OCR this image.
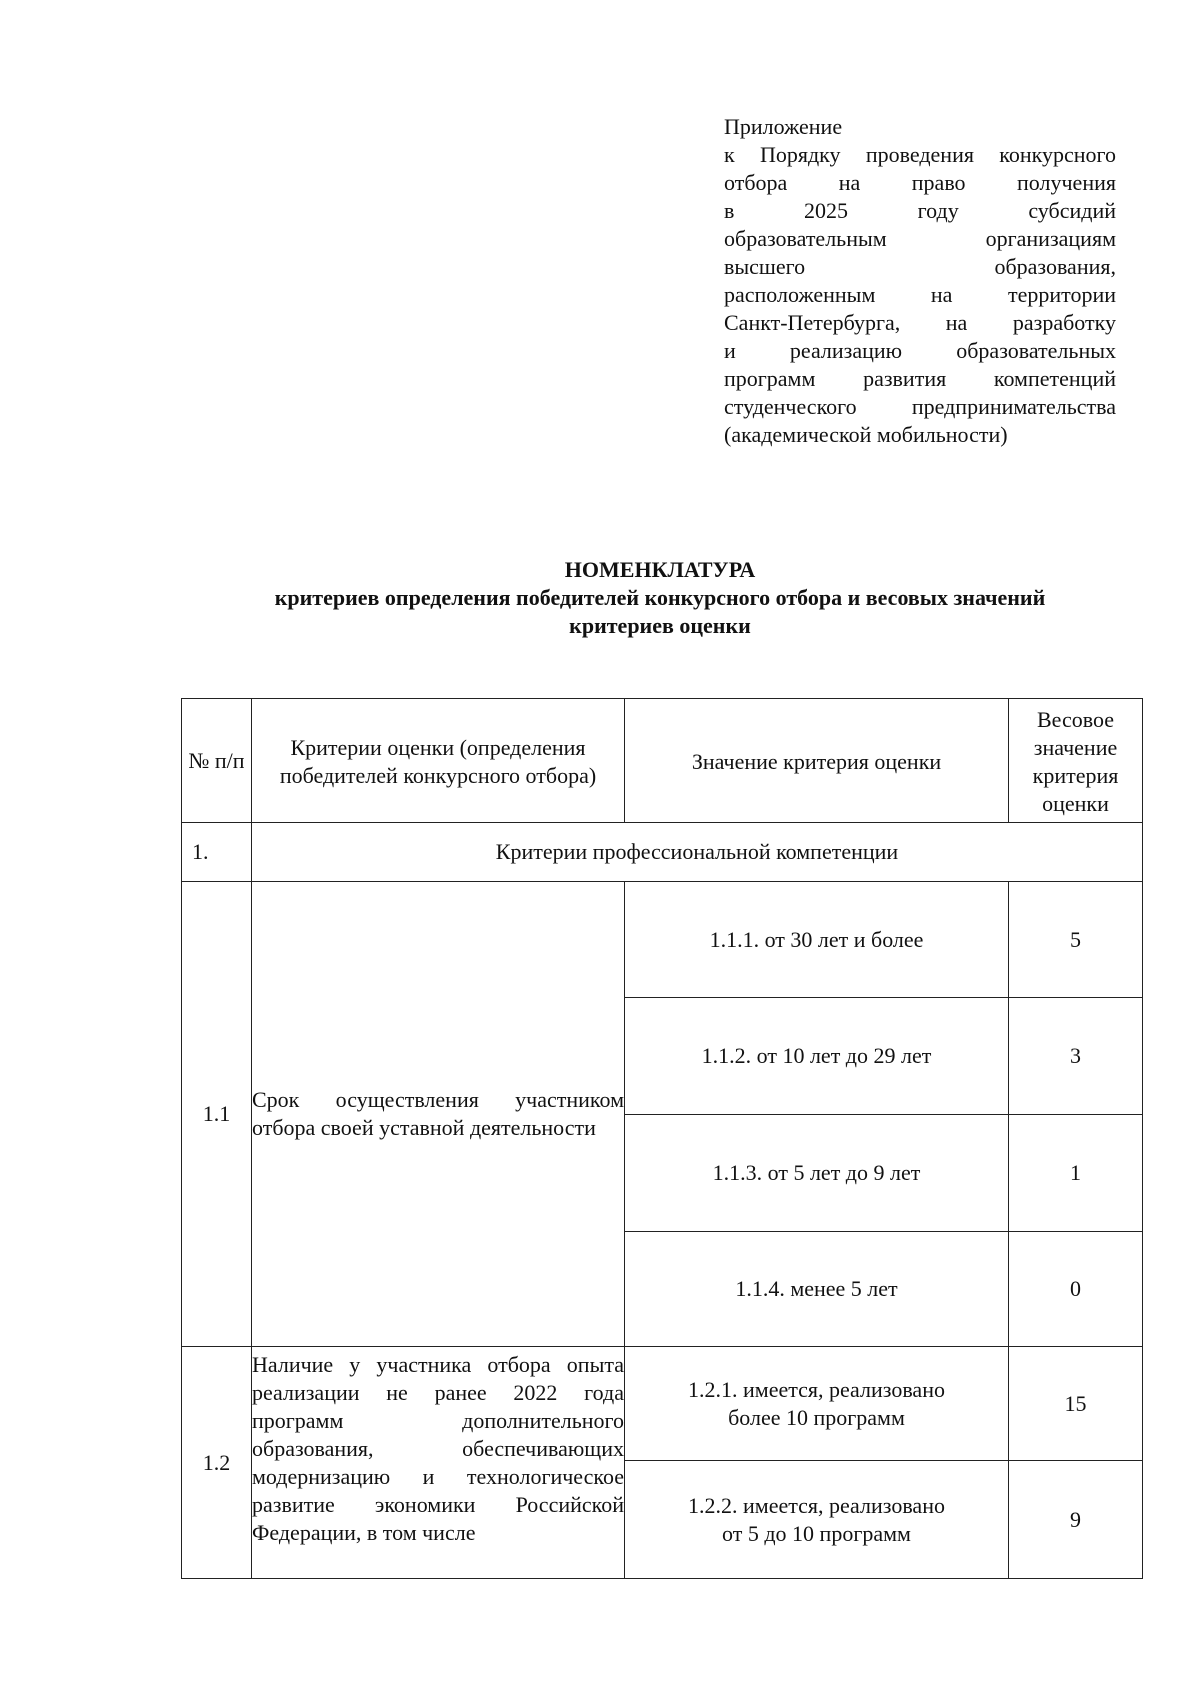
Приложение
к Порядку проведения конкурсного
отбора на право получения
в 2025 году субсидий
образовательным организациям
высшего образования,
расположенным на территории
Санкт-Петербурга, на разработку
и реализацию образовательных
программ развития компетенций
студенческого предпринимательства
(академической мобильности)
НОМЕНКЛАТУРА
критериев определения победителей конкурсного отбора и весовых значений
критериев оценки
№ п/п	Критерии оценки (определения победителей конкурсного отбора)	Значение критерия оценки	Весовое
значение
критерия
оценки

1.	Критерии профессиональной компетенции		
1.1	Срок осуществления участником отбора своей уставной деятельности	1.1.1. от 30 лет и более	5
		1.1.2. от 10 лет до 29 лет	3
		1.1.3. от 5 лет до 9 лет	1
		1.1.4. менее 5 лет	0
1.2	Наличие у участника отбора опыта реализации не ранее 2022 года программ дополнительного образования, обеспечивающих модернизацию и технологическое развитие экономики Российской Федерации, в том числе	1.2.1. имеется, реализовано
более 10 программ	15

		1.2.2. имеется, реализовано
от 5 до 10 программ	9
